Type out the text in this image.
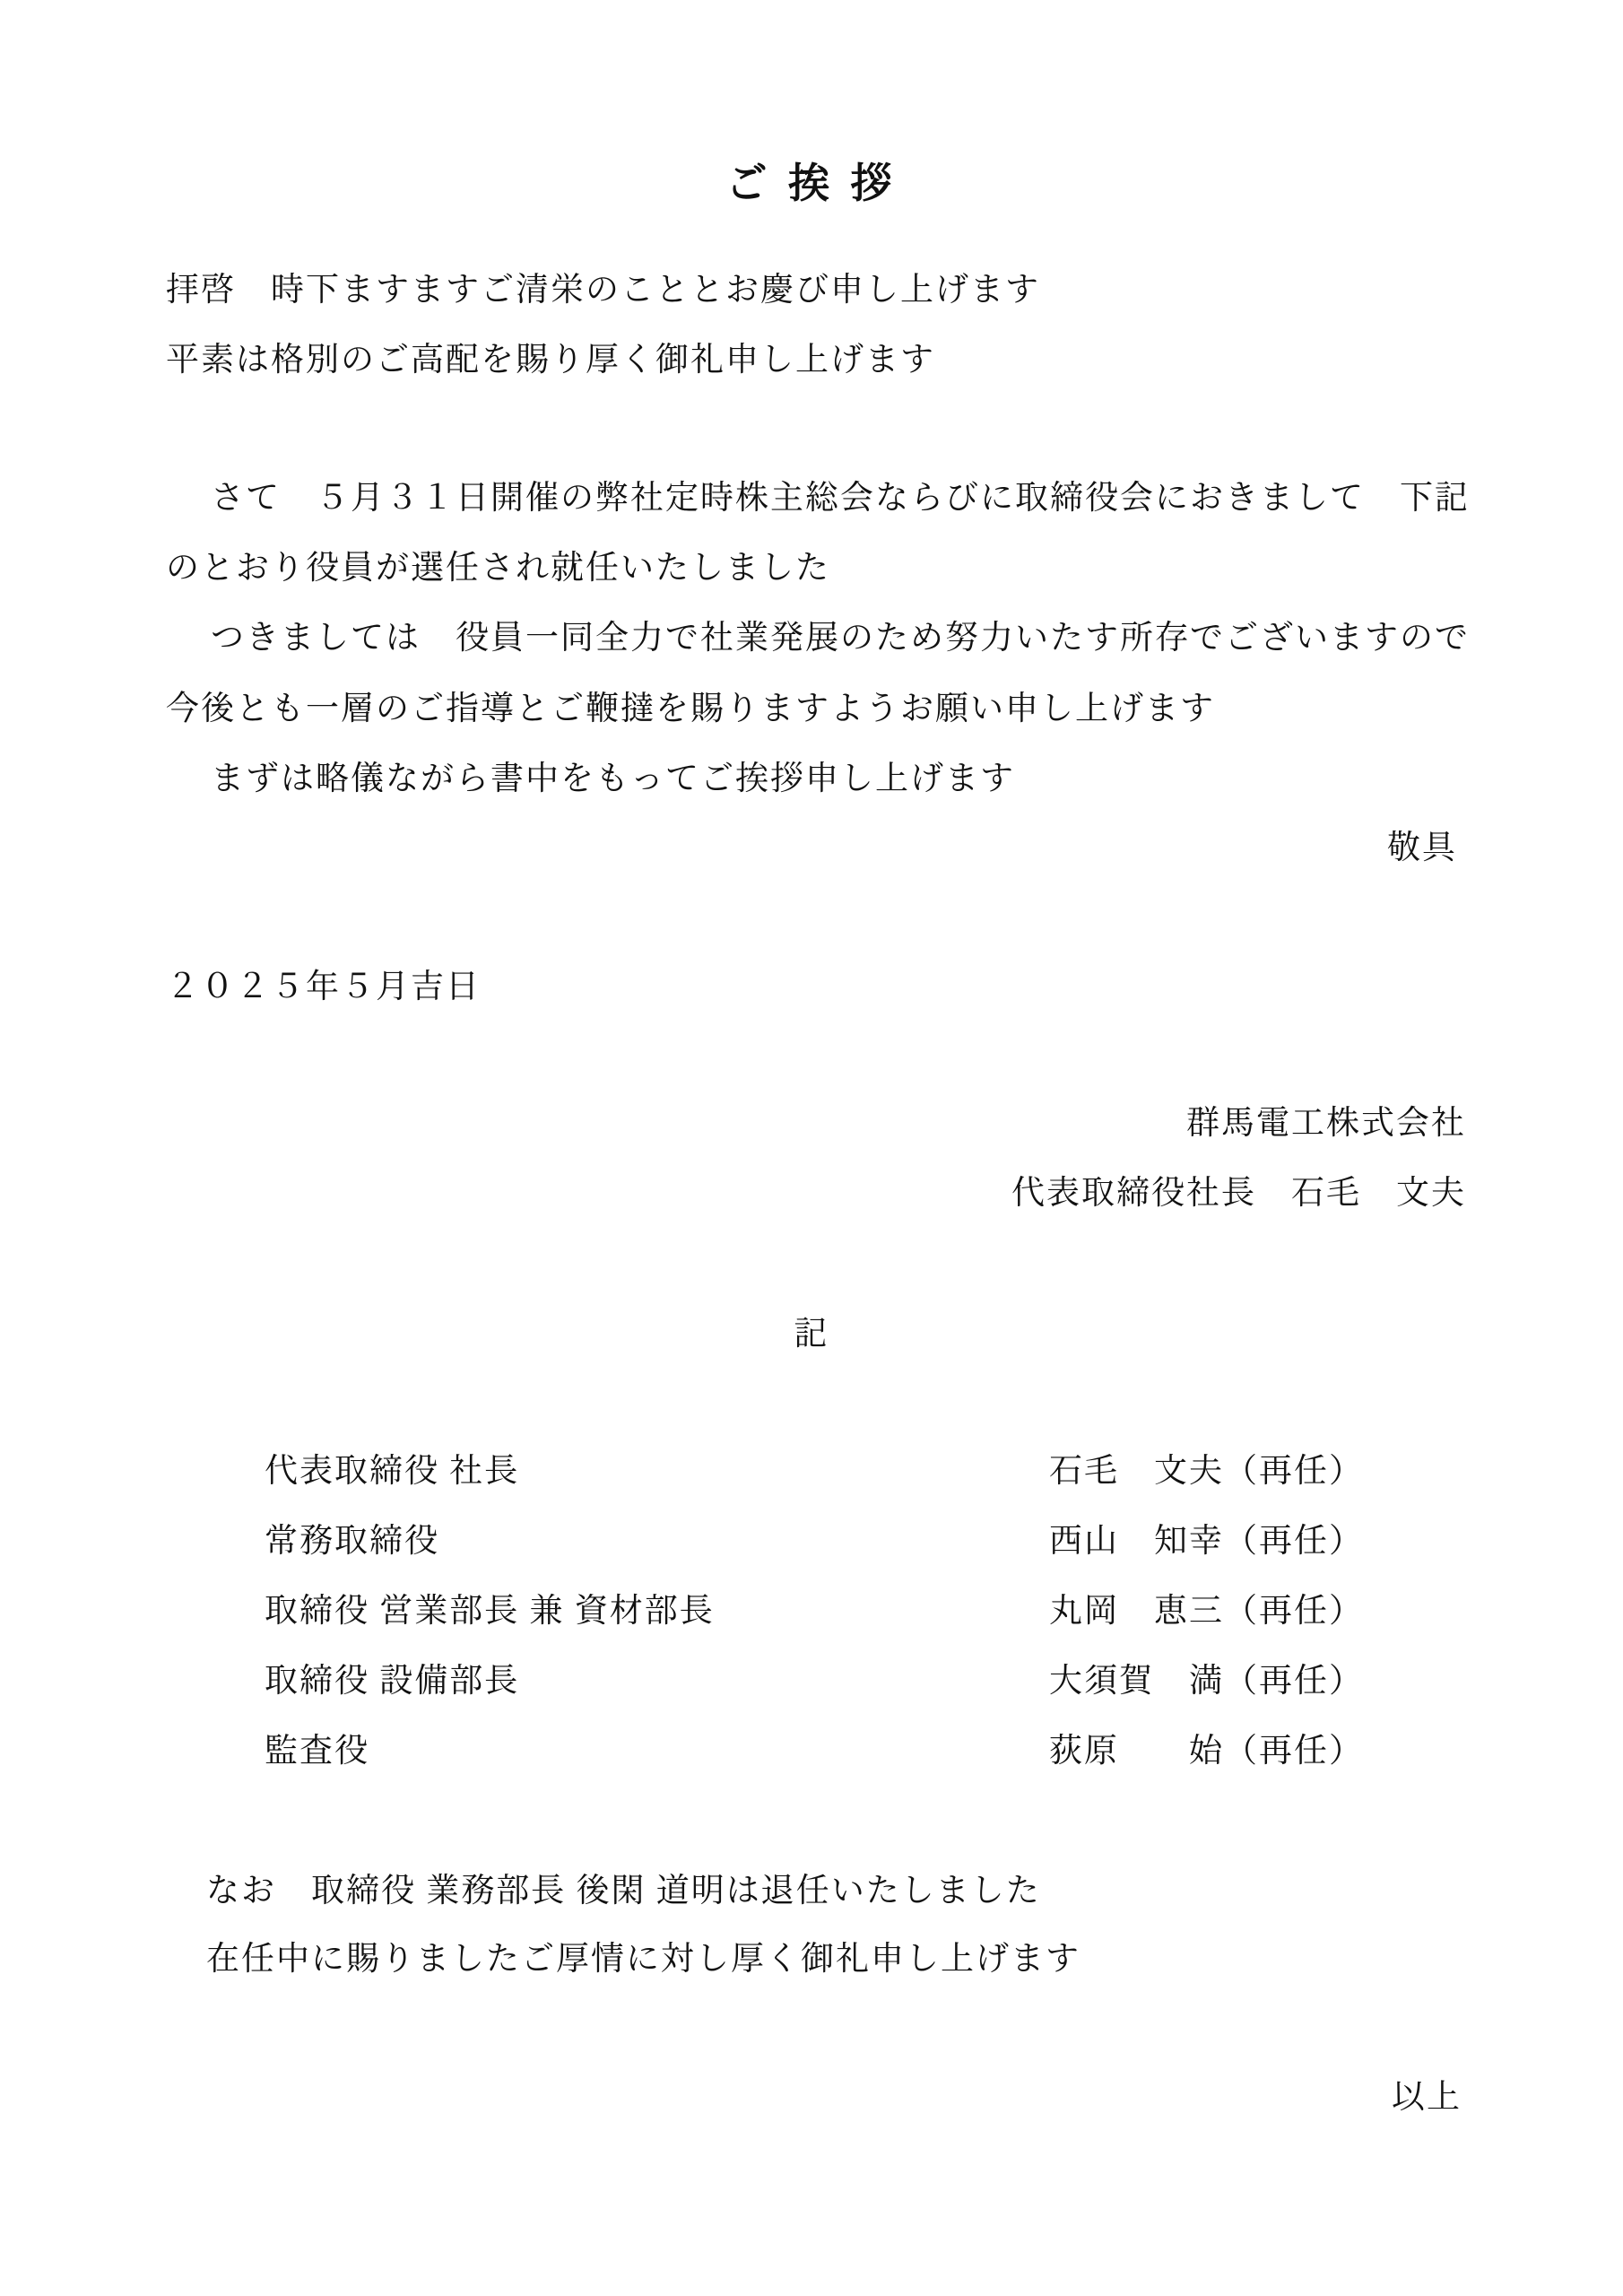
ご 挨 拶
拝啓　時下ますますご清栄のこととお慶び申し上げます
平素は格別のご高配を賜り厚く御礼申し上げます
さて　５月３１日開催の弊社定時株主総会ならびに取締役会におきまして　下記
のとおり役員が選任され就任いたしました
つきましては　役員一同全力で社業発展のため努力いたす所存でございますので
今後とも一層のご指導とご鞭撻を賜りますようお願い申し上げます
まずは略儀ながら書中をもってご挨拶申し上げます
敬具
２０２５年５月吉日
群馬電工株式会社
代表取締役社長　石毛　文夫
記
代表取締役 社長	石毛　文夫（再任）
常務取締役	西山　知幸（再任）
取締役 営業部長 兼 資材部長	丸岡　恵三（再任）
取締役 設備部長	大須賀　満（再任）
監査役	荻原　　始（再任）
なお　取締役 業務部長 後閑 道明は退任いたしました
在任中に賜りましたご厚情に対し厚く御礼申し上げます
以上
